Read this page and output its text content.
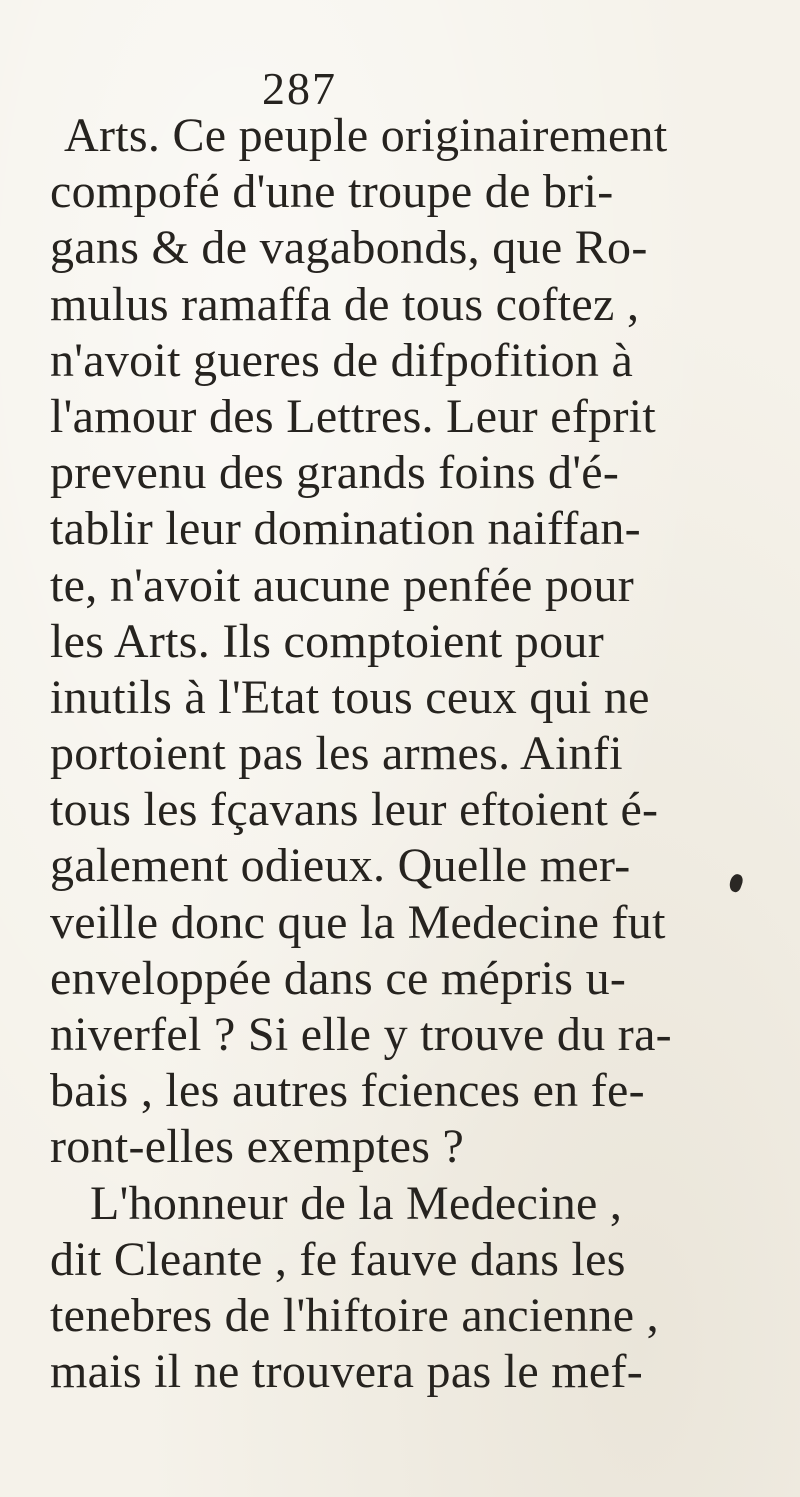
287
Arts. Ce peuple originairement
compofé d'une troupe de bri-
gans & de vagabonds, que Ro-
mulus ramaffa de tous coftez ,
n'avoit gueres de difpofition à
l'amour des Lettres. Leur efprit
prevenu des grands foins d'é-
tablir leur domination naiffan-
te, n'avoit aucune penfée pour
les Arts. Ils comptoient pour
inutils à l'Etat tous ceux qui ne
portoient pas les armes. Ainfi
tous les fçavans leur eftoient é-
galement odieux. Quelle mer-
veille donc que la Medecine fut
enveloppée dans ce mépris u-
niverfel ? Si elle y trouve du ra-
bais , les autres fciences en fe-
ront-elles exemptes ?
L'honneur de la Medecine ,
dit Cleante , fe fauve dans les
tenebres de l'hiftoire ancienne ,
mais il ne trouvera pas le mef-
